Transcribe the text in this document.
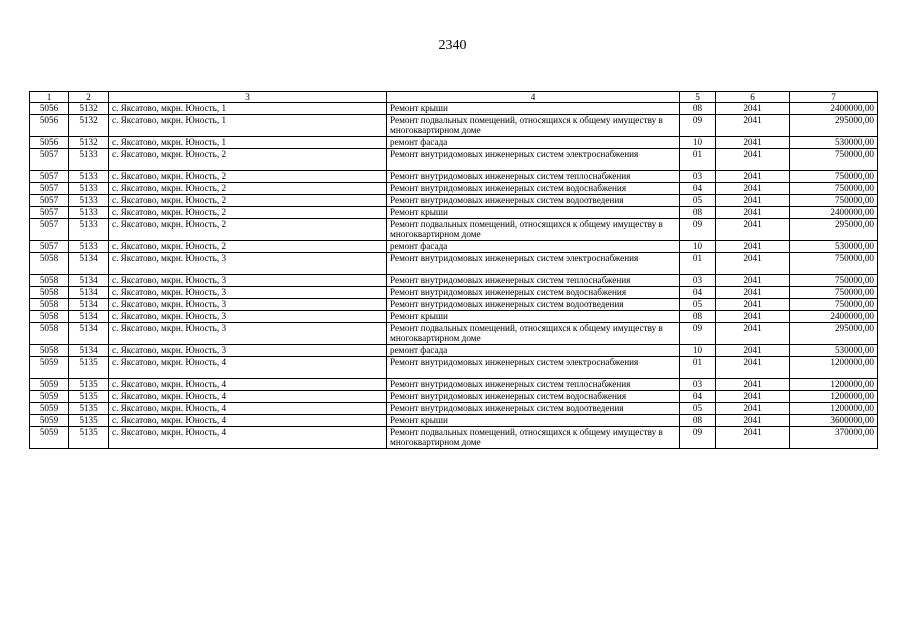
2340
1	2	3	4	5	6	7
5056	5132	с. Яксатово, мкрн. Юность, 1	Ремонт крыши	08	2041	2400000,00
5056	5132	с. Яксатово, мкрн. Юность, 1	Ремонт подвальных помещений, относящихся к общему имуществу в многоквартирном доме	09	2041	295000,00
5056	5132	с. Яксатово, мкрн. Юность, 1	ремонт фасада	10	2041	530000,00
5057	5133	с. Яксатово, мкрн. Юность, 2	Ремонт внутридомовых инженерных систем электроснабжения	01	2041	750000,00
5057	5133	с. Яксатово, мкрн. Юность, 2	Ремонт внутридомовых инженерных систем теплоснабжения	03	2041	750000,00
5057	5133	с. Яксатово, мкрн. Юность, 2	Ремонт внутридомовых инженерных систем водоснабжения	04	2041	750000,00
5057	5133	с. Яксатово, мкрн. Юность, 2	Ремонт внутридомовых инженерных систем водоотведения	05	2041	750000,00
5057	5133	с. Яксатово, мкрн. Юность, 2	Ремонт крыши	08	2041	2400000,00
5057	5133	с. Яксатово, мкрн. Юность, 2	Ремонт подвальных помещений, относящихся к общему имуществу в многоквартирном доме	09	2041	295000,00
5057	5133	с. Яксатово, мкрн. Юность, 2	ремонт фасада	10	2041	530000,00
5058	5134	с. Яксатово, мкрн. Юность, 3	Ремонт внутридомовых инженерных систем электроснабжения	01	2041	750000,00
5058	5134	с. Яксатово, мкрн. Юность, 3	Ремонт внутридомовых инженерных систем теплоснабжения	03	2041	750000,00
5058	5134	с. Яксатово, мкрн. Юность, 3	Ремонт внутридомовых инженерных систем водоснабжения	04	2041	750000,00
5058	5134	с. Яксатово, мкрн. Юность, 3	Ремонт внутридомовых инженерных систем водоотведения	05	2041	750000,00
5058	5134	с. Яксатово, мкрн. Юность, 3	Ремонт крыши	08	2041	2400000,00
5058	5134	с. Яксатово, мкрн. Юность, 3	Ремонт подвальных помещений, относящихся к общему имуществу в многоквартирном доме	09	2041	295000,00
5058	5134	с. Яксатово, мкрн. Юность, 3	ремонт фасада	10	2041	530000,00
5059	5135	с. Яксатово, мкрн. Юность, 4	Ремонт внутридомовых инженерных систем электроснабжения	01	2041	1200000,00
5059	5135	с. Яксатово, мкрн. Юность, 4	Ремонт внутридомовых инженерных систем теплоснабжения	03	2041	1200000,00
5059	5135	с. Яксатово, мкрн. Юность, 4	Ремонт внутридомовых инженерных систем водоснабжения	04	2041	1200000,00
5059	5135	с. Яксатово, мкрн. Юность, 4	Ремонт внутридомовых инженерных систем водоотведения	05	2041	1200000,00
5059	5135	с. Яксатово, мкрн. Юность, 4	Ремонт крыши	08	2041	3600000,00
5059	5135	с. Яксатово, мкрн. Юность, 4	Ремонт подвальных помещений, относящихся к общему имуществу в многоквартирном доме	09	2041	370000,00
